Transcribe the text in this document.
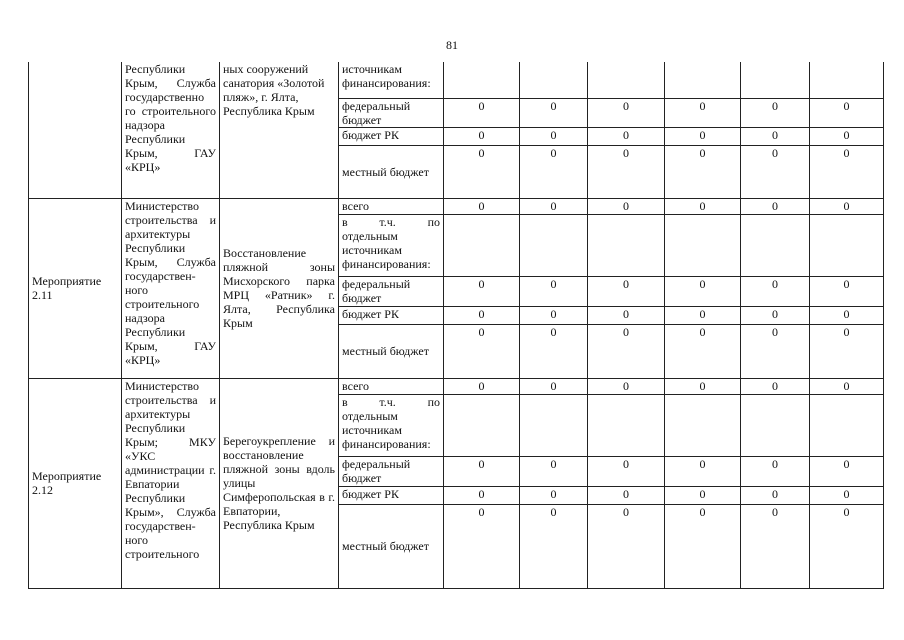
81
	Республики Крым, Служба государственно го строительного надзора Республики Крым, ГАУ «КРЦ»	ных сооружений санатория «Золотой пляж», г. Ялта, Республика Крым	источникам финансирования:						
			федеральный бюджет	0	0	0	0	0	0
			бюджет РК	0	0	0	0	0	0
			местный бюджет	0	0	0	0	0	0
Мероприятие 2.11	Министерство строительства и архитектуры Республики Крым, Служба государствен-ного строительного надзора Республики Крым, ГАУ «КРЦ»	Восстановление пляжной зоны Мисхорского парка МРЦ «Ратник» г. Ялта, Республика Крым	всего	0	0	0	0	0	0
			в т.ч. по отдельным источникам финансирования:						
			федеральный бюджет	0	0	0	0	0	0
			бюджет РК	0	0	0	0	0	0
			местный бюджет	0	0	0	0	0	0
Мероприятие 2.12	Министерство строительства и архитектуры Республики Крым; МКУ «УКС администрации г. Евпатории Республики Крым», Служба государствен-ного строительного	Берегоукрепление и восстановление пляжной зоны вдоль улицы Симферопольская в г. Евпатории, Республика Крым	всего	0	0	0	0	0	0
			в т.ч. по отдельным источникам финансирования:						
			федеральный бюджет	0	0	0	0	0	0
			бюджет РК	0	0	0	0	0	0
			местный бюджет	0	0	0	0	0	0
